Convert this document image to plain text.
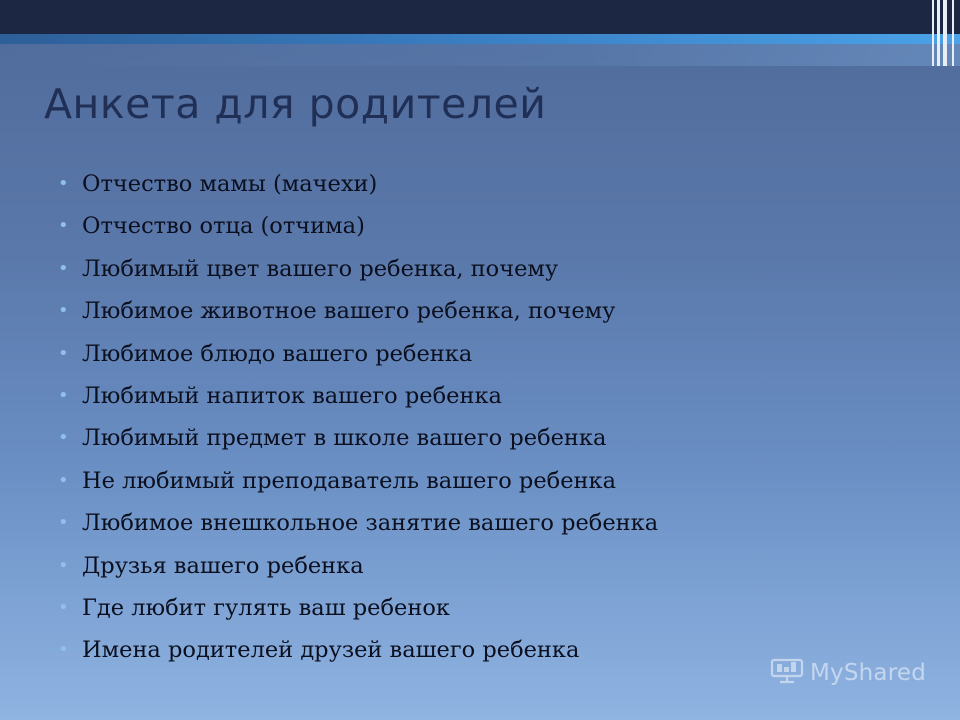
Анкета для родителей
• Отчество мамы (мачехи)
• Отчество отца (отчима)
• Любимый цвет вашего ребенка, почему
• Любимое животное вашего ребенка, почему
• Любимое блюдо вашего ребенка
• Любимый напиток вашего ребенка
• Любимый предмет в школе вашего ребенка
• Не любимый преподаватель вашего ребенка
• Любимое внешкольное занятие вашего ребенка
• Друзья вашего ребенка
• Где любит гулять ваш ребенок
• Имена родителей друзей вашего ребенка
MyShared
